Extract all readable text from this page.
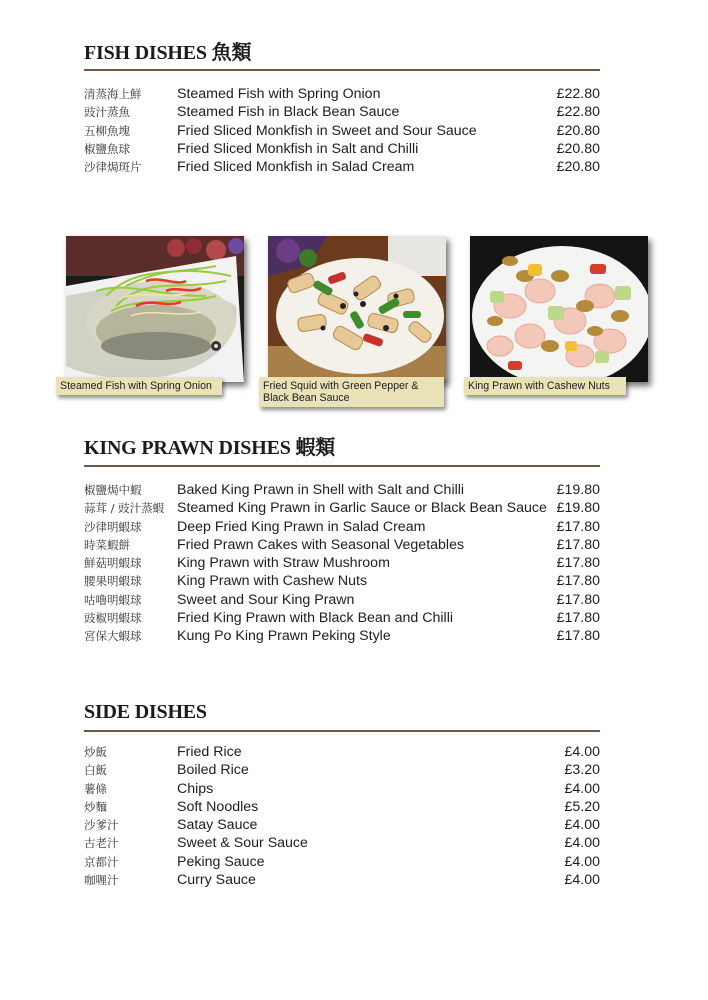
FISH DISHES 魚類
清蒸海上鮮	Steamed Fish with Spring Onion	£22.80
豉汁蒸魚	Steamed Fish in Black Bean Sauce	£22.80
五柳魚塊	Fried Sliced Monkfish in Sweet and Sour Sauce	£20.80
椒鹽魚球	Fried Sliced Monkfish in Salt and Chilli	£20.80
沙律焗斑片	Fried Sliced Monkfish in Salad Cream	£20.80
Steamed Fish with Spring Onion	Fried Squid with Green Pepper &
Black Bean Sauce
King Prawn with Cashew Nuts
KING PRAWN DISHES 蝦類
椒鹽焗中蝦	Baked King Prawn in Shell with Salt and Chilli	£19.80
蒜茸 / 豉汁蒸蝦 Steamed King Prawn in Garlic Sauce or Black Bean Sauce £19.80
沙律明蝦球	Deep Fried King Prawn in Salad Cream	£17.80
時菜蝦餅	Fried Prawn Cakes with Seasonal Vegetables	£17.80
鮮菇明蝦球	King Prawn with Straw Mushroom	£17.80
腰果明蝦球	King Prawn with Cashew Nuts	£17.80
咕嚕明蝦球	Sweet and Sour King Prawn	£17.80
豉椒明蝦球	Fried King Prawn with Black Bean and Chilli	£17.80
宮保大蝦球	Kung Po King Prawn Peking Style	£17.80
SIDE DISHES
炒飯	Fried Rice	£4.00
白飯	Boiled Rice	£3.20
薯條	Chips	£4.00
炒麵	Soft Noodles	£5.20
沙爹汁	Satay Sauce	£4.00
古老汁	Sweet & Sour Sauce	£4.00
京都汁	Peking Sauce	£4.00
咖喱汁	Curry Sauce	£4.00
